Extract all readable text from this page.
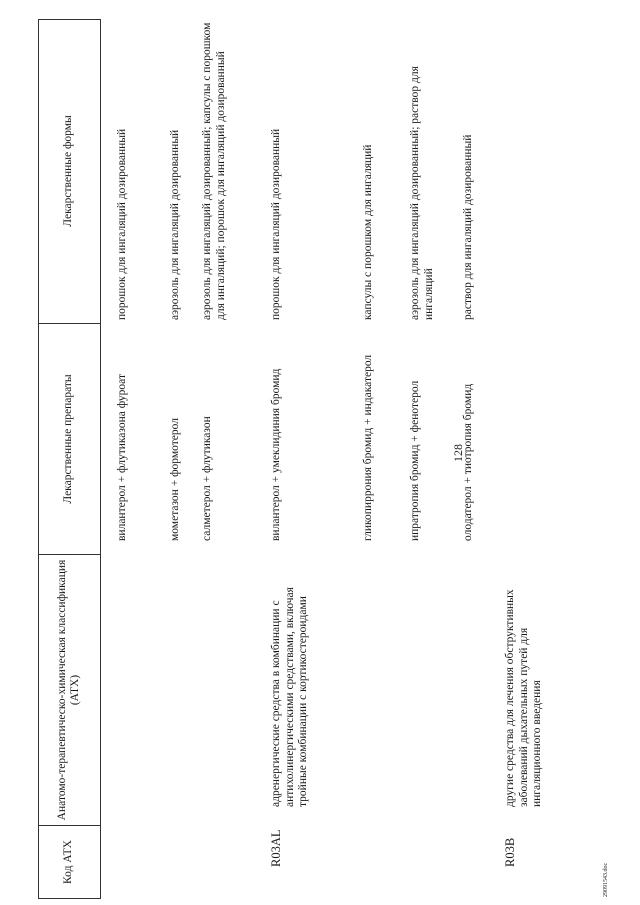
128

29091543.doc

Код АТХ
Анатомо-терапевтическо-химическая классификация (АТХ)
Лекарственные препараты
Лекарственные формы
вилантерол + флутиказона фуроат
порошок для ингаляций дозированный
мометазон + формотерол
аэрозоль для ингаляций дозированный
салметерол + флутиказон
аэрозоль для ингаляций дозированный; капсулы с порошком для ингаляций; порошок для ингаляций дозированный
R03AL
адренергические средства в комбинации с антихолинергическими средствами, включая тройные комбинации с кортикостероидами
вилантерол + умеклидиния бромид
порошок для ингаляций дозированный
гликопиррония бромид + индакатерол
капсулы с порошком для ингаляций
ипратропия бромид + фенотерол
аэрозоль для ингаляций дозированный; раствор для ингаляций
олодатерол + тиотропия бромид
раствор для ингаляций дозированный
R03B
другие средства для лечения обструктивных заболеваний дыхательных путей для ингаляционного введения
